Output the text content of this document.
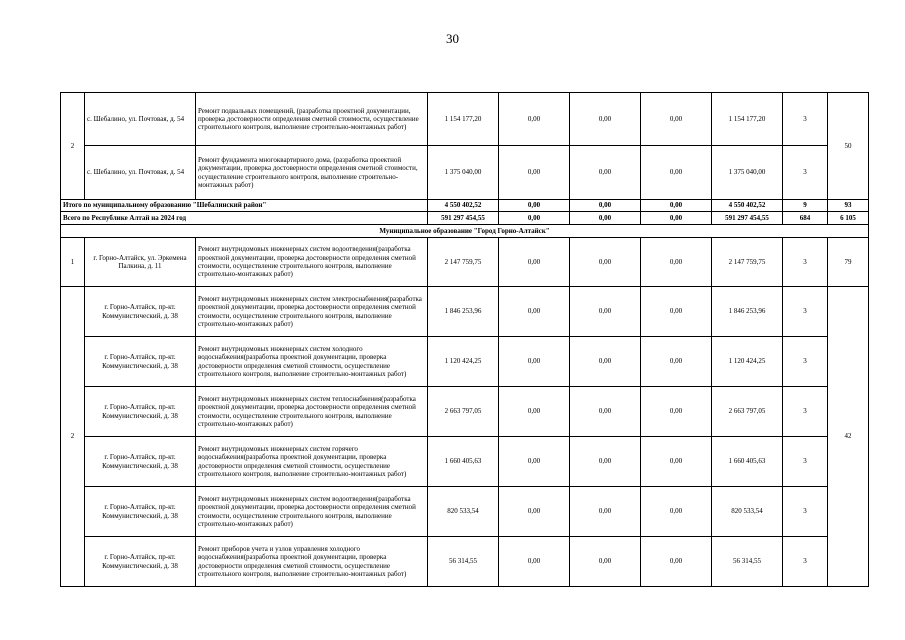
30
2	с. Шебалино, ул. Почтовая, д. 54	Ремонт подвальных помещений, (разработка проектной документации, проверка достоверности определения сметной стоимости, осуществление строительного контроля, выполнение строительно-монтажных работ)	1 154 177,20	0,00	0,00	0,00	1 154 177,20	3	50
	с. Шебалино, ул. Почтовая, д. 54	Ремонт фундамента многоквартирного дома, (разработка проектной документации, проверка достоверности определения сметной стоимости, осуществление строительного контроля, выполнение строительно-монтажных работ)	1 375 040,00	0,00	0,00	0,00	1 375 040,00	3	
Итого по муниципальному образованию "Шебалинский район"			4 550 402,52	0,00	0,00	0,00	4 550 402,52	9	93
Всего по Республике Алтай на 2024 год			591 297 454,55	0,00	0,00	0,00	591 297 454,55	684	6 105
Муниципальное образование "Город Горно-Алтайск"									
1	г. Горно-Алтайск, ул. Эркемена Палкина, д. 11	Ремонт внутридомовых инженерных систем водоотведения(разработка проектной документации, проверка достоверности определения сметной стоимости, осуществление строительного контроля, выполнение строительно-монтажных работ)	2 147 759,75	0,00	0,00	0,00	2 147 759,75	3	79
2	г. Горно-Алтайск, пр-кт. Коммунистический, д. 38	Ремонт внутридомовых инженерных систем электроснабжения(разработка проектной документации, проверка достоверности определения сметной стоимости, осуществление строительного контроля, выполнение строительно-монтажных работ)	1 846 253,96	0,00	0,00	0,00	1 846 253,96	3	42
	г. Горно-Алтайск, пр-кт. Коммунистический, д. 38	Ремонт внутридомовых инженерных систем холодного водоснабжения(разработка проектной документации, проверка достоверности определения сметной стоимости, осуществление строительного контроля, выполнение строительно-монтажных работ)	1 120 424,25	0,00	0,00	0,00	1 120 424,25	3	
	г. Горно-Алтайск, пр-кт. Коммунистический, д. 38	Ремонт внутридомовых инженерных систем теплоснабжения(разработка проектной документации, проверка достоверности определения сметной стоимости, осуществление строительного контроля, выполнение строительно-монтажных работ)	2 663 797,05	0,00	0,00	0,00	2 663 797,05	3	
	г. Горно-Алтайск, пр-кт. Коммунистический, д. 38	Ремонт внутридомовых инженерных систем горячего водоснабжения(разработка проектной документации, проверка достоверности определения сметной стоимости, осуществление строительного контроля, выполнение строительно-монтажных работ)	1 660 405,63	0,00	0,00	0,00	1 660 405,63	3	
	г. Горно-Алтайск, пр-кт. Коммунистический, д. 38	Ремонт внутридомовых инженерных систем водоотведения(разработка проектной документации, проверка достоверности определения сметной стоимости, осуществление строительного контроля, выполнение строительно-монтажных работ)	820 533,54	0,00	0,00	0,00	820 533,54	3	
	г. Горно-Алтайск, пр-кт. Коммунистический, д. 38	Ремонт приборов учета и узлов управления холодного водоснабжения(разработка проектной документации, проверка достоверности определения сметной стоимости, осуществление строительного контроля, выполнение строительно-монтажных работ)	56 314,55	0,00	0,00	0,00	56 314,55	3	
